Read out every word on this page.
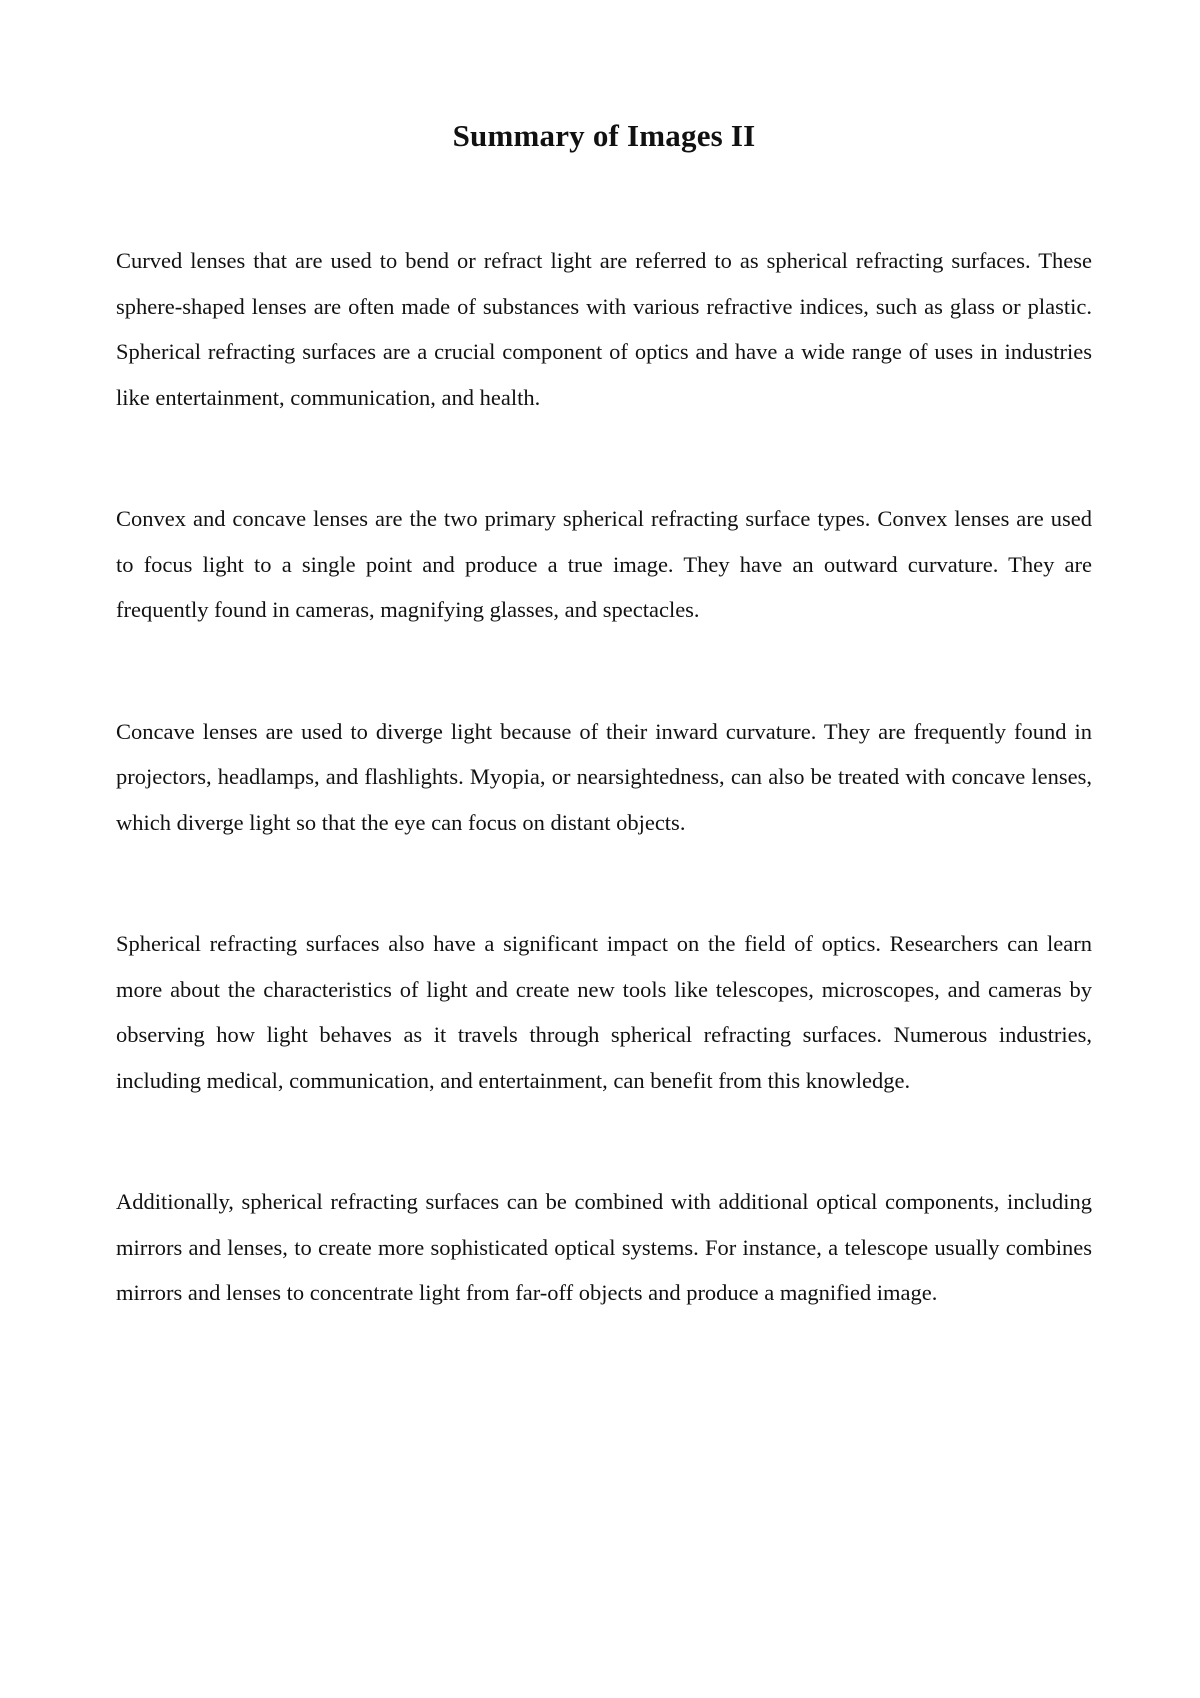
Summary of Images II

Curved lenses that are used to bend or refract light are referred to as spherical refracting surfaces. These sphere-shaped lenses are often made of substances with various refractive indices, such as glass or plastic. Spherical refracting surfaces are a crucial component of optics and have a wide range of uses in industries like entertainment, communication, and health.

Convex and concave lenses are the two primary spherical refracting surface types. Convex lenses are used to focus light to a single point and produce a true image. They have an outward curvature. They are frequently found in cameras, magnifying glasses, and spectacles.

Concave lenses are used to diverge light because of their inward curvature. They are frequently found in projectors, headlamps, and flashlights. Myopia, or nearsightedness, can also be treated with concave lenses, which diverge light so that the eye can focus on distant objects.

Spherical refracting surfaces also have a significant impact on the field of optics. Researchers can learn more about the characteristics of light and create new tools like telescopes, microscopes, and cameras by observing how light behaves as it travels through spherical refracting surfaces. Numerous industries, including medical, communication, and entertainment, can benefit from this knowledge.

Additionally, spherical refracting surfaces can be combined with additional optical components, including mirrors and lenses, to create more sophisticated optical systems. For instance, a telescope usually combines mirrors and lenses to concentrate light from far-off objects and produce a magnified image.
